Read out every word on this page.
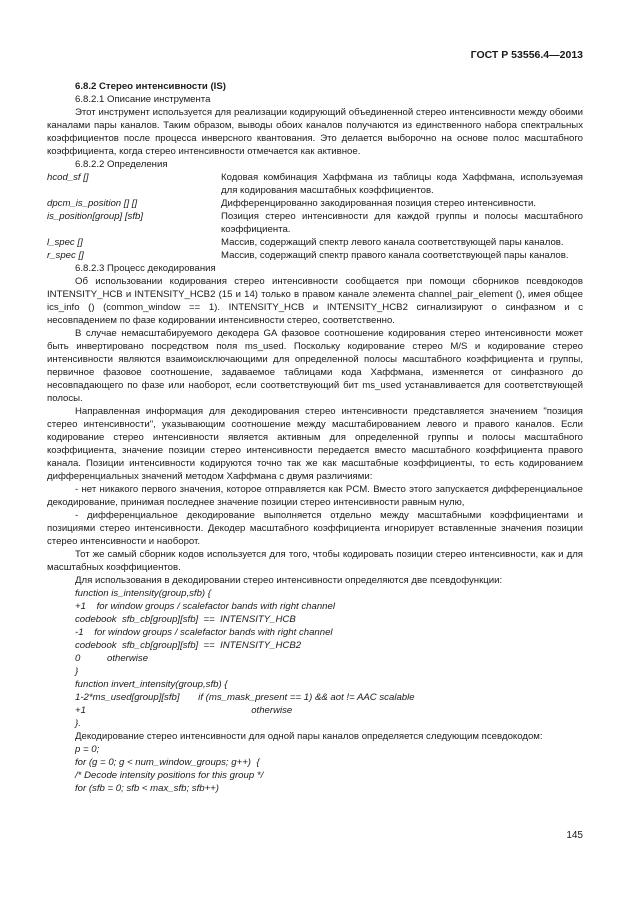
ГОСТ Р 53556.4—2013
6.8.2 Стерео интенсивности (IS)
6.8.2.1 Описание инструмента
Этот инструмент используется для реализации кодирующий объединенной стерео интенсивности между обоими каналами пары каналов. Таким образом, выводы обоих каналов получаются из единственного набора спектральных коэффициентов после процесса инверсного квантования. Это делается выборочно на основе полос масштабного коэффициента, когда стерео интенсивности отмечается как активное.
6.8.2.2 Определения
hcod_sf []	Кодовая комбинация Хаффмана из таблицы кода Хаффмана, используемая для кодирования масштабных коэффициентов.
dpcm_is_position [] []	Дифференцированно закодированная позиция стерео интенсивности.
is_position[group] [sfb]	Позиция стерео интенсивности для каждой группы и полосы масштабного коэффициента.
l_spec []	Массив, содержащий спектр левого канала соответствующей пары каналов.
r_spec []	Массив, содержащий спектр правого канала соответствующей пары каналов.
6.8.2.3 Процесс декодирования
Об использовании кодирования стерео интенсивности сообщается при помощи сборников псевдокодов INTENSITY_HCB и INTENSITY_HCB2 (15 и 14) только в правом канале элемента channel_pair_element (), имея общее ics_info () (common_window == 1). INTENSITY_HCB и INTENSITY_HCB2 сигнализируют о синфазном и с несовпадением по фазе кодировании интенсивности стерео, соответственно.
В случае немасштабируемого декодера GA фазовое соотношение кодирования стерео интенсивности может быть инвертировано посредством поля ms_used. Поскольку кодирование стерео M/S и кодирование стерео интенсивности являются взаимоисключающими для определенной полосы масштабного коэффициента и группы, первичное фазовое соотношение, задаваемое таблицами кода Хаффмана, изменяется от синфазного до несовпадающего по фазе или наоборот, если соответствующий бит ms_used устанавливается для соответствующей полосы.
Направленная информация для декодирования стерео интенсивности представляется значением "позиция стерео интенсивности", указывающим соотношение между масштабированием левого и правого каналов. Если кодирование стерео интенсивности является активным для определенной группы и полосы масштабного коэффициента, значение позиции стерео интенсивности передается вместо масштабного коэффициента правого канала. Позиции интенсивности кодируются точно так же как масштабные коэффициенты, то есть кодированием дифференциальных значений методом Хаффмана с двумя различиями:
- нет никакого первого значения, которое отправляется как PCM. Вместо этого запускается дифференциальное декодирование, принимая последнее значение позиции стерео интенсивности равным нулю,
- дифференциальное декодирование выполняется отдельно между масштабными коэффициентами и позициями стерео интенсивности. Декодер масштабного коэффициента игнорирует вставленные значения позиции стерео интенсивности и наоборот.
Тот же самый сборник кодов используется для того, чтобы кодировать позиции стерео интенсивности, как и для масштабных коэффициентов.
Для использования в декодировании стерео интенсивности определяются две псевдофункции:
function is_intensity(group,sfb) {
+1    for window groups / scalefactor bands with right channel
codebook  sfb_cb[group][sfb]  ==  INTENSITY_HCB
-1    for window groups / scalefactor bands with right channel
codebook  sfb_cb[group][sfb]  ==  INTENSITY_HCB2
0          otherwise
}
function invert_intensity(group,sfb) {
1-2*ms_used[group][sfb]       if (ms_mask_present == 1) && aot != AAC scalable
+1                                                              otherwise
}.
Декодирование стерео интенсивности для одной пары каналов определяется следующим псевдокодом:
p = 0;
for (g = 0; g < num_window_groups; g++)  {
/* Decode intensity positions for this group */
for (sfb = 0; sfb < max_sfb; sfb++)
145
